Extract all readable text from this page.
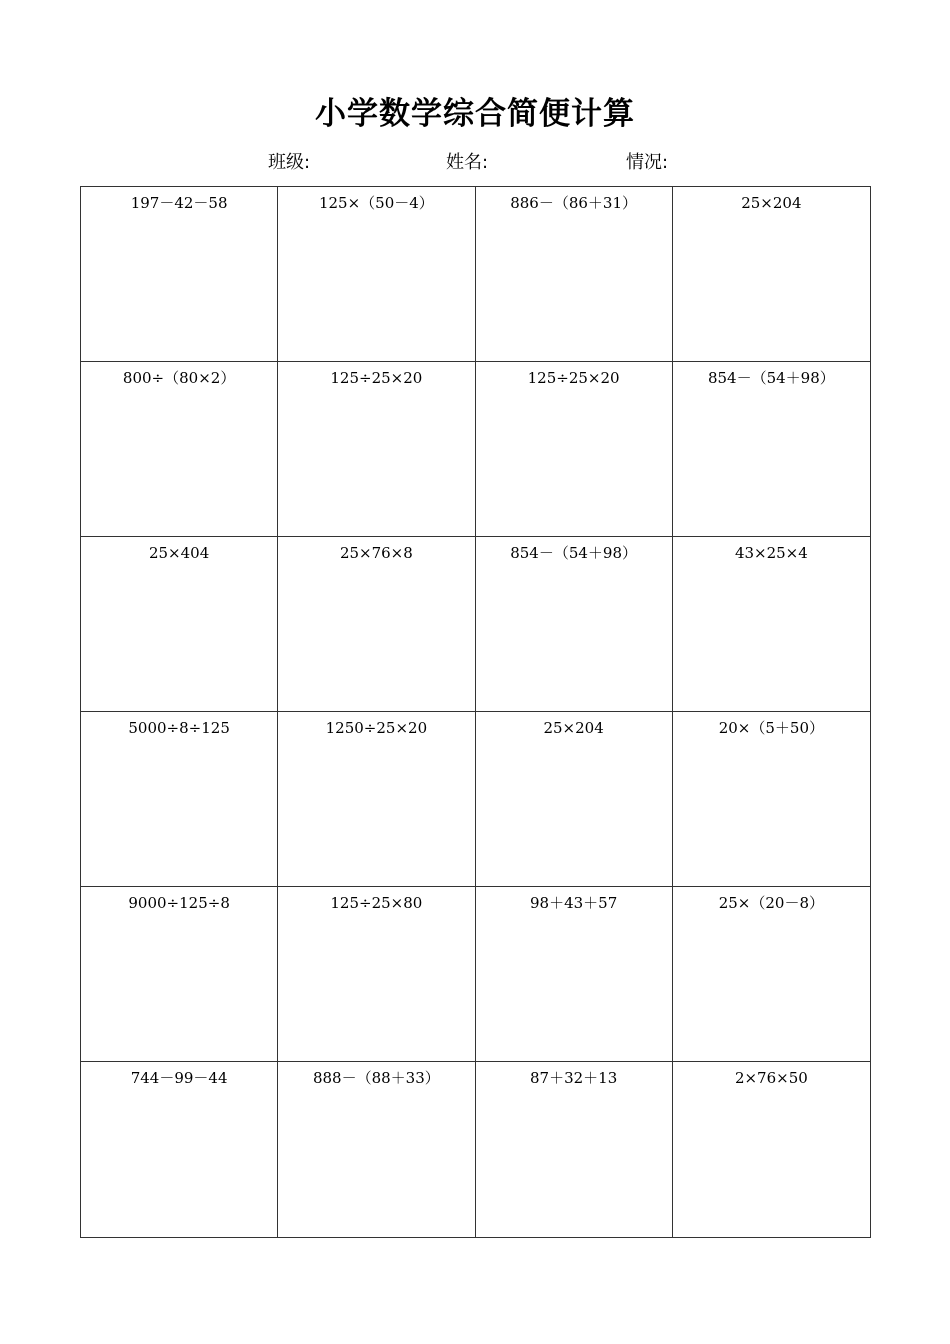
小学数学综合简便计算
班级:	姓名:	情况:
197－42－58	125×（50－4）	886－（86＋31）	25×204
800÷（80×2）	125÷25×20	125÷25×20	854－（54＋98）
25×404	25×76×8	854－（54＋98）	43×25×4
5000÷8÷125	1250÷25×20	25×204	20×（5＋50）
9000÷125÷8	125÷25×80	98＋43＋57	25×（20－8）
744－99－44	888－（88＋33）	87＋32＋13	2×76×50
